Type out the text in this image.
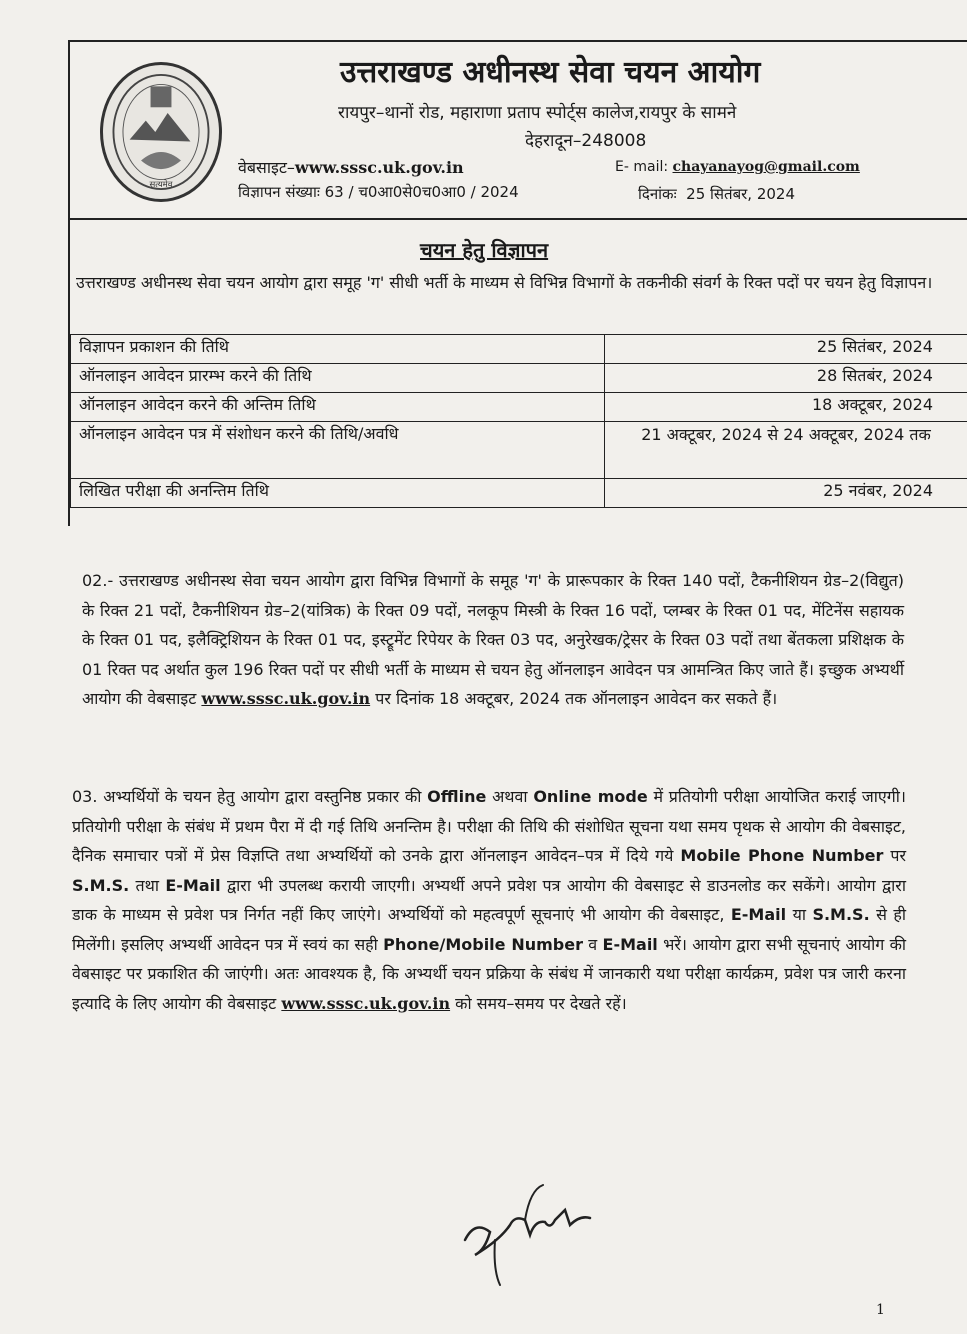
सत्यमेव
उत्तराखण्ड अधीनस्थ सेवा चयन आयोग
रायपुर–थानों रोड, महाराणा प्रताप स्पोर्ट्स कालेज,रायपुर के सामने
देहरादून–248008
वेबसाइट–www.sssc.uk.gov.in	E- mail: chayanayog@gmail.com
विज्ञापन संख्याः 63 / च0आ0से0च0आ0 / 2024	दिनांकः 25 सितंबर, 2024
चयन हेतु विज्ञापन
उत्तराखण्ड अधीनस्थ सेवा चयन आयोग द्वारा समूह 'ग' सीधी भर्ती के माध्यम से विभिन्न विभागों के तकनीकी संवर्ग के रिक्त पदों पर चयन हेतु विज्ञापन।
विज्ञापन प्रकाशन की तिथि	25 सितंबर, 2024
ऑनलाइन आवेदन प्रारम्भ करने की तिथि	28 सितबंर, 2024
ऑनलाइन आवेदन करने की अन्तिम तिथि	18 अक्टूबर, 2024
ऑनलाइन आवेदन पत्र में संशोधन करने की तिथि/अवधि	21 अक्टूबर, 2024 से 24 अक्टूबर, 2024 तक
लिखित परीक्षा की अनन्तिम तिथि	25 नवंबर, 2024
02.- उत्तराखण्ड अधीनस्थ सेवा चयन आयोग द्वारा विभिन्न विभागों के समूह 'ग' के प्रारूपकार के रिक्त 140 पदों, टैकनीशियन ग्रेड–2(विद्युत) के रिक्त 21 पदों, टैकनीशियन ग्रेड–2(यांत्रिक) के रिक्त 09 पदों, नलकूप मिस्त्री के रिक्त 16 पदों, प्लम्बर के रिक्त 01 पद, मेंटिनेंस सहायक के रिक्त 01 पद, इलैक्ट्रिशियन के रिक्त 01 पद, इस्ट्रूमेंट रिपेयर के रिक्त 03 पद, अनुरेखक/ट्रेसर के रिक्त 03 पदों तथा बेंतकला प्रशिक्षक के 01 रिक्त पद अर्थात कुल 196 रिक्त पदों पर सीधी भर्ती के माध्यम से चयन हेतु ऑनलाइन आवेदन पत्र आमन्त्रित किए जाते हैं। इच्छुक अभ्यर्थी आयोग की वेबसाइट www.sssc.uk.gov.in पर दिनांक 18 अक्टूबर, 2024 तक ऑनलाइन आवेदन कर सकते हैं।
03. अभ्यर्थियों के चयन हेतु आयोग द्वारा वस्तुनिष्ठ प्रकार की Offline अथवा Online mode में प्रतियोगी परीक्षा आयोजित कराई जाएगी। प्रतियोगी परीक्षा के संबंध में प्रथम पैरा में दी गई तिथि अनन्तिम है। परीक्षा की तिथि की संशोधित सूचना यथा समय पृथक से आयोग की वेबसाइट, दैनिक समाचार पत्रों में प्रेस विज्ञप्ति तथा अभ्यर्थियों को उनके द्वारा ऑनलाइन आवेदन–पत्र में दिये गये Mobile Phone Number पर S.M.S. तथा E-Mail द्वारा भी उपलब्ध करायी जाएगी। अभ्यर्थी अपने प्रवेश पत्र आयोग की वेबसाइट से डाउनलोड कर सकेंगे। आयोग द्वारा डाक के माध्यम से प्रवेश पत्र निर्गत नहीं किए जाएंगे। अभ्यर्थियों को महत्वपूर्ण सूचनाएं भी आयोग की वेबसाइट, E-Mail या S.M.S. से ही मिलेंगी। इसलिए अभ्यर्थी आवेदन पत्र में स्वयं का सही Phone/Mobile Number व E-Mail भरें। आयोग द्वारा सभी सूचनाएं आयोग की वेबसाइट पर प्रकाशित की जाएंगी। अतः आवश्यक है, कि अभ्यर्थी चयन प्रक्रिया के संबंध में जानकारी यथा परीक्षा कार्यक्रम, प्रवेश पत्र जारी करना इत्यादि के लिए आयोग की वेबसाइट www.sssc.uk.gov.in को समय–समय पर देखते रहें।
1
